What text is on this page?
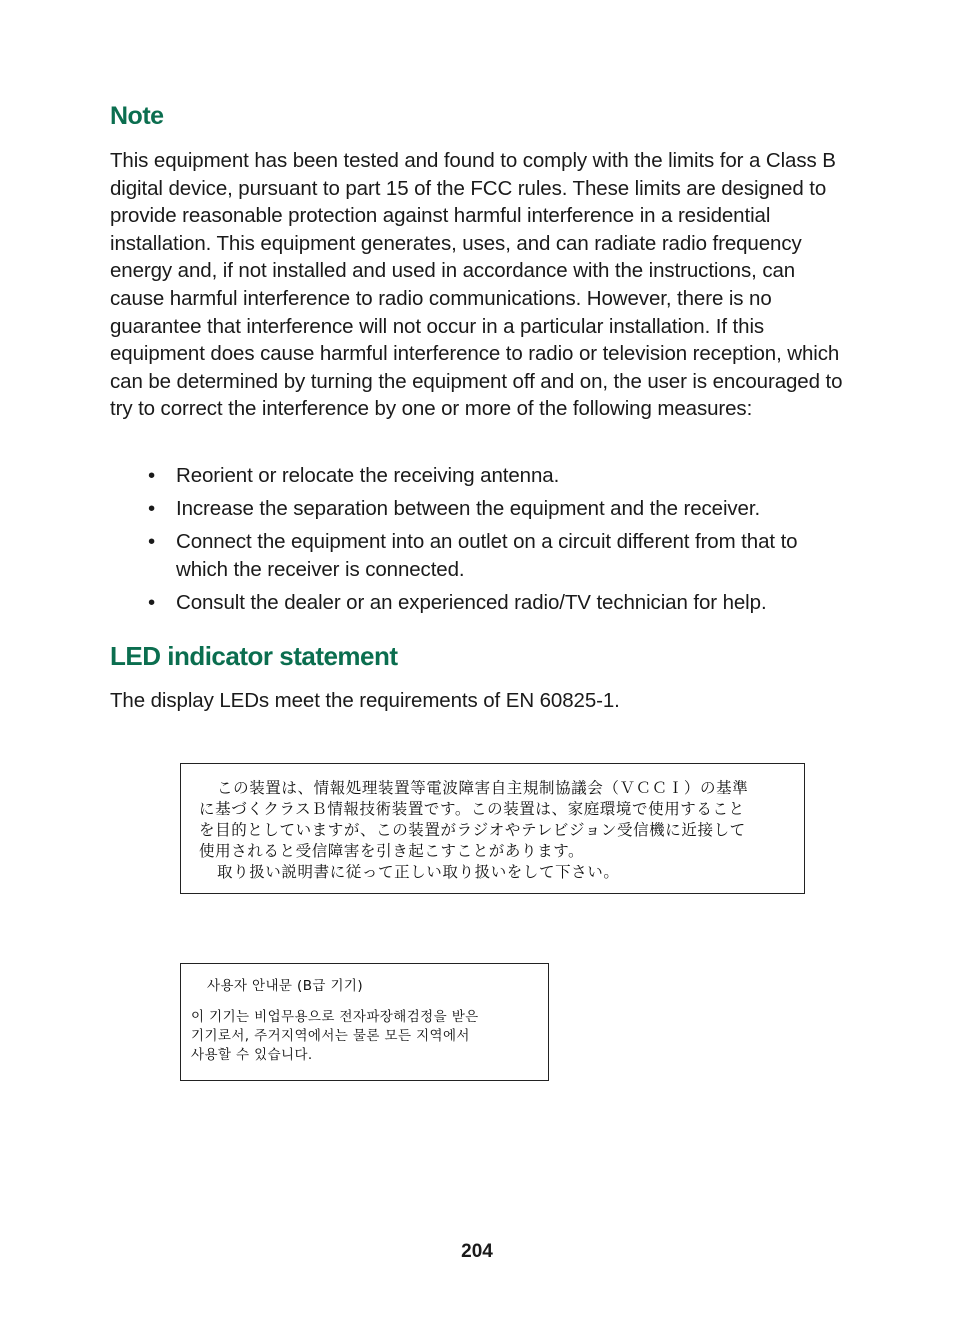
Note

This equipment has been tested and found to comply with the limits for a Class B digital device, pursuant to part 15 of the FCC rules. These limits are designed to provide reasonable protection against harmful interference in a residential installation. This equipment generates, uses, and can radiate radio frequency energy and, if not installed and used in accordance with the instructions, can cause harmful interference to radio communications. However, there is no guarantee that interference will not occur in a particular installation. If this equipment does cause harmful interference to radio or television reception, which can be determined by turning the equipment off and on, the user is encouraged to try to correct the interference by one or more of the following measures:

• Reorient or relocate the receiving antenna.
• Increase the separation between the equipment and the receiver.
• Connect the equipment into an outlet on a circuit different from that to which the receiver is connected.
• Consult the dealer or an experienced radio/TV technician for help.
LED indicator statement

The display LEDs meet the requirements of EN 60825-1.

この装置は、情報処理装置等電波障害自主規制協議会（ＶＣＣＩ）の基準
に基づくクラスＢ情報技術装置です。この装置は、家庭環境で使用すること
を目的としていますが、この装置がラジオやテレビジョン受信機に近接して
使用されると受信障害を引き起こすことがあります。
取り扱い説明書に従って正しい取り扱いをして下さい。
사용자 안내문 (B급 기기)
이 기기는 비업무용으로 전자파장해검정을 받은
기기로서, 주거지역에서는 물론 모든 지역에서
사용할 수 있습니다.
204
